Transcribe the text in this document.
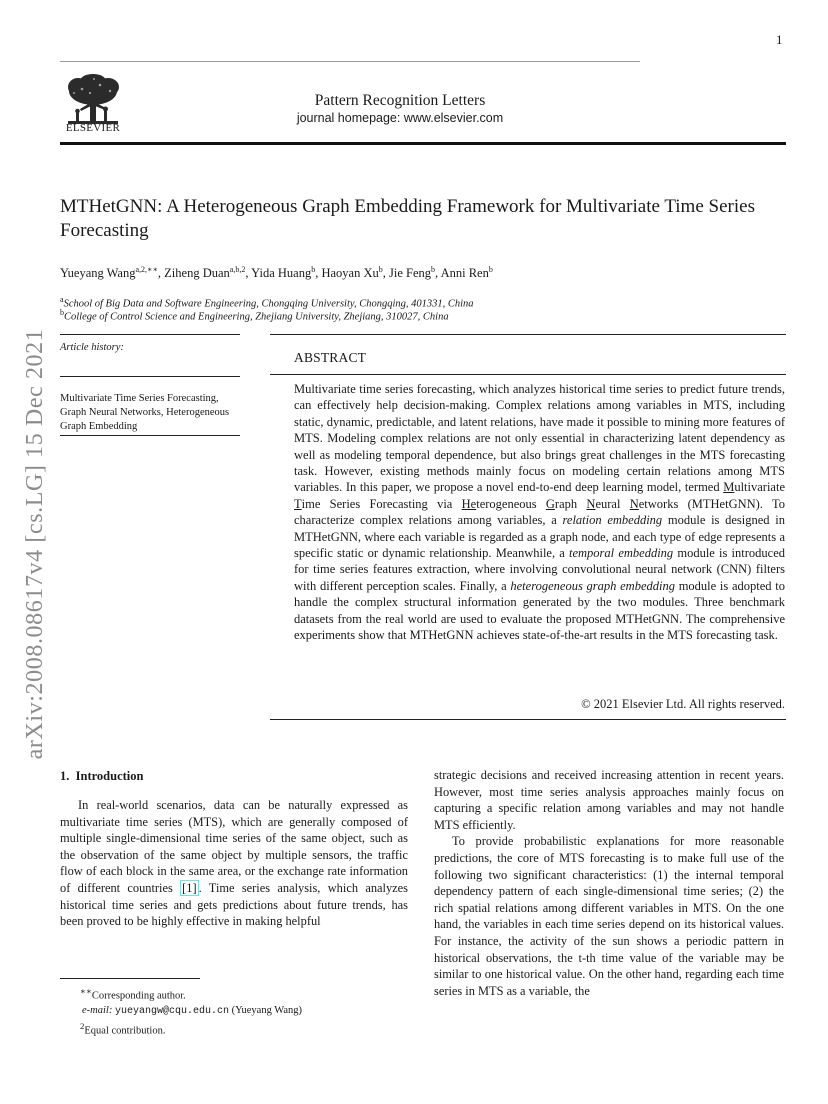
1
ELSEVIER
Pattern Recognition Letters
journal homepage: www.elsevier.com
MTHetGNN: A Heterogeneous Graph Embedding Framework for Multivariate Time Series Forecasting
Yueyang Wang$^{a,2,∗∗}$, Ziheng Duan$^{a,b,2}$, Yida Huang$^b$, Haoyan Xu$^b$, Jie Feng$^b$, Anni Ren$^b$
$^a$School of Big Data and Software Engineering, Chongqing University, Chongqing, 401331, China
$^b$College of Control Science and Engineering, Zhejiang University, Zhejiang, 310027, China
Article history:
Multivariate Time Series Forecasting, Graph Neural Networks, Heterogeneous Graph Embedding
ABSTRACT
Multivariate time series forecasting, which analyzes historical time series to predict future trends, can effectively help decision-making. Complex relations among variables in MTS, including static, dynamic, predictable, and latent relations, have made it possible to mining more features of MTS. Modeling complex relations are not only essential in characterizing latent dependency as well as modeling temporal dependence, but also brings great challenges in the MTS forecasting task. However, existing methods mainly focus on modeling certain relations among MTS variables. In this paper, we propose a novel end-to-end deep learning model, termed Multivariate Time Series Forecasting via Heterogeneous Graph Neural Networks (MTHetGNN). To characterize complex relations among variables, a relation embedding module is designed in MTHetGNN, where each variable is regarded as a graph node, and each type of edge represents a specific static or dynamic relationship. Meanwhile, a temporal embedding module is introduced for time series features extraction, where involving convolutional neural network (CNN) filters with different perception scales. Finally, a heterogeneous graph embedding module is adopted to handle the complex structural information generated by the two modules. Three benchmark datasets from the real world are used to evaluate the proposed MTHetGNN. The comprehensive experiments show that MTHetGNN achieves state-of-the-art results in the MTS forecasting task.
© 2021 Elsevier Ltd. All rights reserved.
arXiv:2008.08617v4 [cs.LG] 15 Dec 2021
1. Introduction

In real-world scenarios, data can be naturally expressed as multivariate time series (MTS), which are generally composed of multiple single-dimensional time series of the same object, such as the observation of the same object by multiple sensors, the traffic flow of each block in the same area, or the exchange rate information of different countries [1] . Time series analysis, which analyzes historical time series and gets predictions about future trends, has been proved to be highly effective in making helpful

strategic decisions and received increasing attention in recent years. However, most time series analysis approaches mainly focus on capturing a specific relation among variables and may not handle MTS efficiently.

To provide probabilistic explanations for more reasonable predictions, the core of MTS forecasting is to make full use of the following two significant characteristics: (1) the internal temporal dependency pattern of each single-dimensional time series; (2) the rich spatial relations among different variables in MTS. On the one hand, the variables in each time series depend on its historical values. For instance, the activity of the sun shows a periodic pattern in historical observations, the t-th time value of the variable may be similar to one historical value. On the other hand, regarding each time series in MTS as a variable, the

∗∗Corresponding author.
e-mail: yueyangw@cqu.edu.cn (Yueyang Wang)
$^2$Equal contribution.
